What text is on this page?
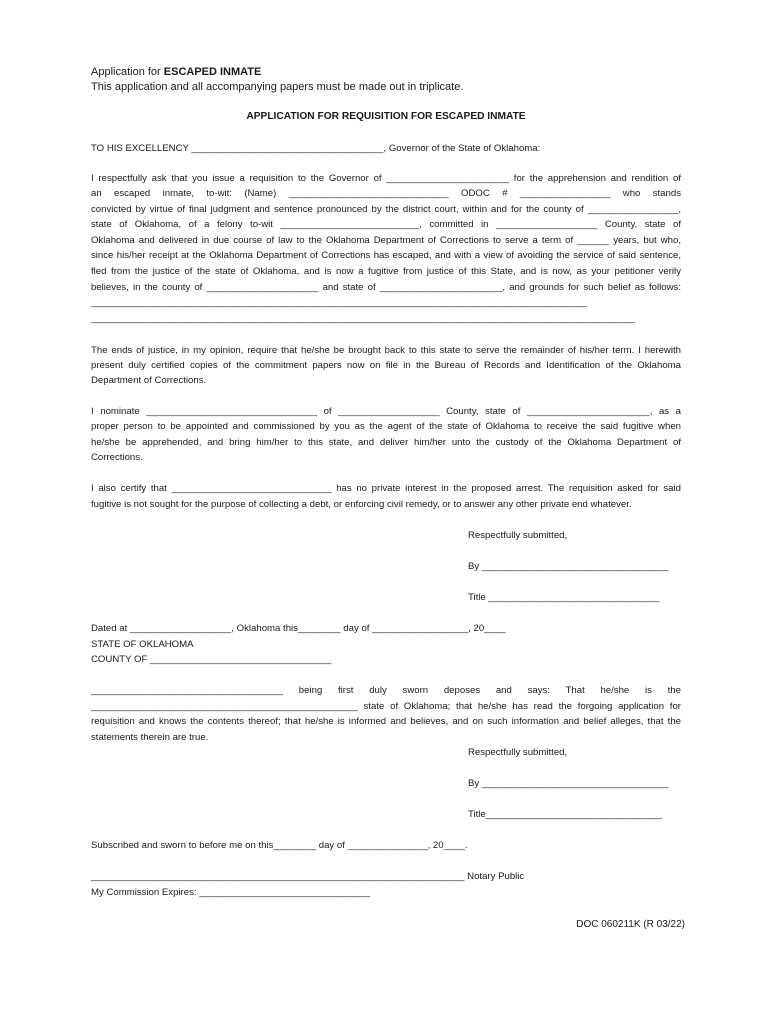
Application for ESCAPED INMATE
This application and all accompanying papers must be made out in triplicate.
APPLICATION FOR REQUISITION FOR ESCAPED INMATE
TO HIS EXCELLENCY ____________________________________, Governor of the State of Oklahoma:
I respectfully ask that you issue a requisition to the Governor of _______________________ for the apprehension and rendition of
an escaped inmate, to-wit: (Name) ______________________________ ODOC # _________________ who stands
convicted by virtue of final judgment and sentence pronounced by the district court, within and for the county of _________________,
state of Oklahoma, of a felony to-wit __________________________, committed in ___________________ County, state of
Oklahoma and delivered in due course of law to the Oklahoma Department of Corrections to serve a term of ______ years, but who,
since his/her receipt at the Oklahoma Department of Corrections has escaped, and with a view of avoiding the service of said sentence,
fled from the justice of the state of Oklahoma, and is now a fugitive from justice of this State, and is now, as your petitioner verily
believes, in the county of _____________________ and state of _______________________, and grounds for such belief as follows:
_____________________________________________________________________________________________
______________________________________________________________________________________________________
The ends of justice, in my opinion, require that he/she be brought back to this state to serve the remainder of his/her term. I herewith
present duly certified copies of the commitment papers now on file in the Bureau of Records and Identification of the Oklahoma
Department of Corrections.
I nominate ________________________________ of ___________________ County, state of _______________________, as a
proper person to be appointed and commissioned by you as the agent of the state of Oklahoma to receive the said fugitive when
he/she be apprehended, and bring him/her to this state, and deliver him/her unto the custody of the Oklahoma Department of
Corrections.
I also certify that ______________________________ has no private interest in the proposed arrest. The requisition asked for said
fugitive is not sought for the purpose of collecting a debt, or enforcing civil remedy, or to answer any other private end whatever.
Respectfully submitted,
By ___________________________________
Title ________________________________
Dated at ___________________, Oklahoma this________ day of __________________, 20____
STATE OF OKLAHOMA
COUNTY OF __________________________________
____________________________________ being first duly sworn deposes and says: That he/she is the
__________________________________________________ state of Oklahoma; that he/she has read the forgoing application for
requisition and knows the contents thereof; that he/she is informed and believes, and on such information and belief alleges, that the
statements therein are true.
Respectfully submitted,
By ___________________________________
Title_________________________________
Subscribed and sworn to before me on this________ day of _______________, 20____.
______________________________________________________________________ Notary Public
My Commission Expires: ________________________________
DOC 060211K (R 03/22)
